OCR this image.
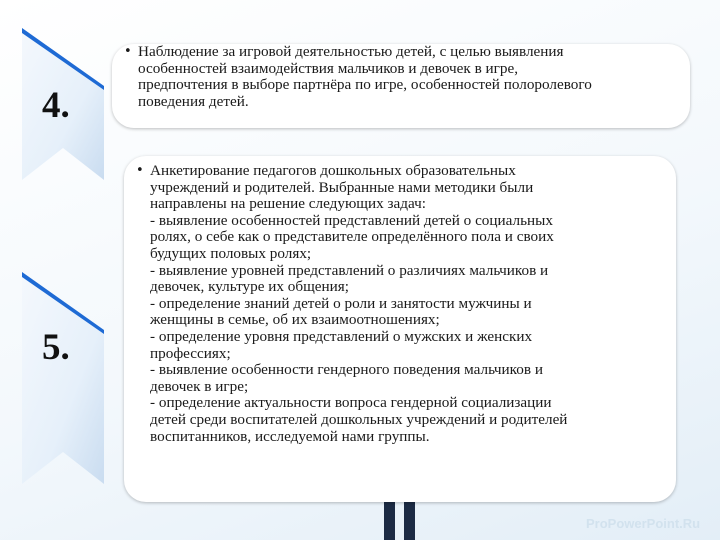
4.
5.
• Наблюдение за игровой деятельностью детей, с целью выявления
особенностей взаимодействия мальчиков и девочек в игре,
предпочтения в выборе партнёра по игре, особенностей полоролевого
поведения детей.
• Анкетирование педагогов дошкольных образовательных
учреждений и родителей. Выбранные нами методики были
направлены на решение следующих задач:
- выявление особенностей представлений детей о социальных
ролях, о себе как о представителе определённого пола и своих
будущих половых ролях;
- выявление уровней представлений о различиях мальчиков и
девочек, культуре их общения;
- определение знаний детей о роли и занятости мужчины и
женщины в семье, об их взаимоотношениях;
- определение уровня представлений о мужских и женских
профессиях;
- выявление особенности гендерного поведения мальчиков и
девочек в игре;
- определение актуальности вопроса гендерной социализации
детей среди воспитателей дошкольных учреждений и родителей
воспитанников, исследуемой нами группы.
ProPowerPoint.Ru
